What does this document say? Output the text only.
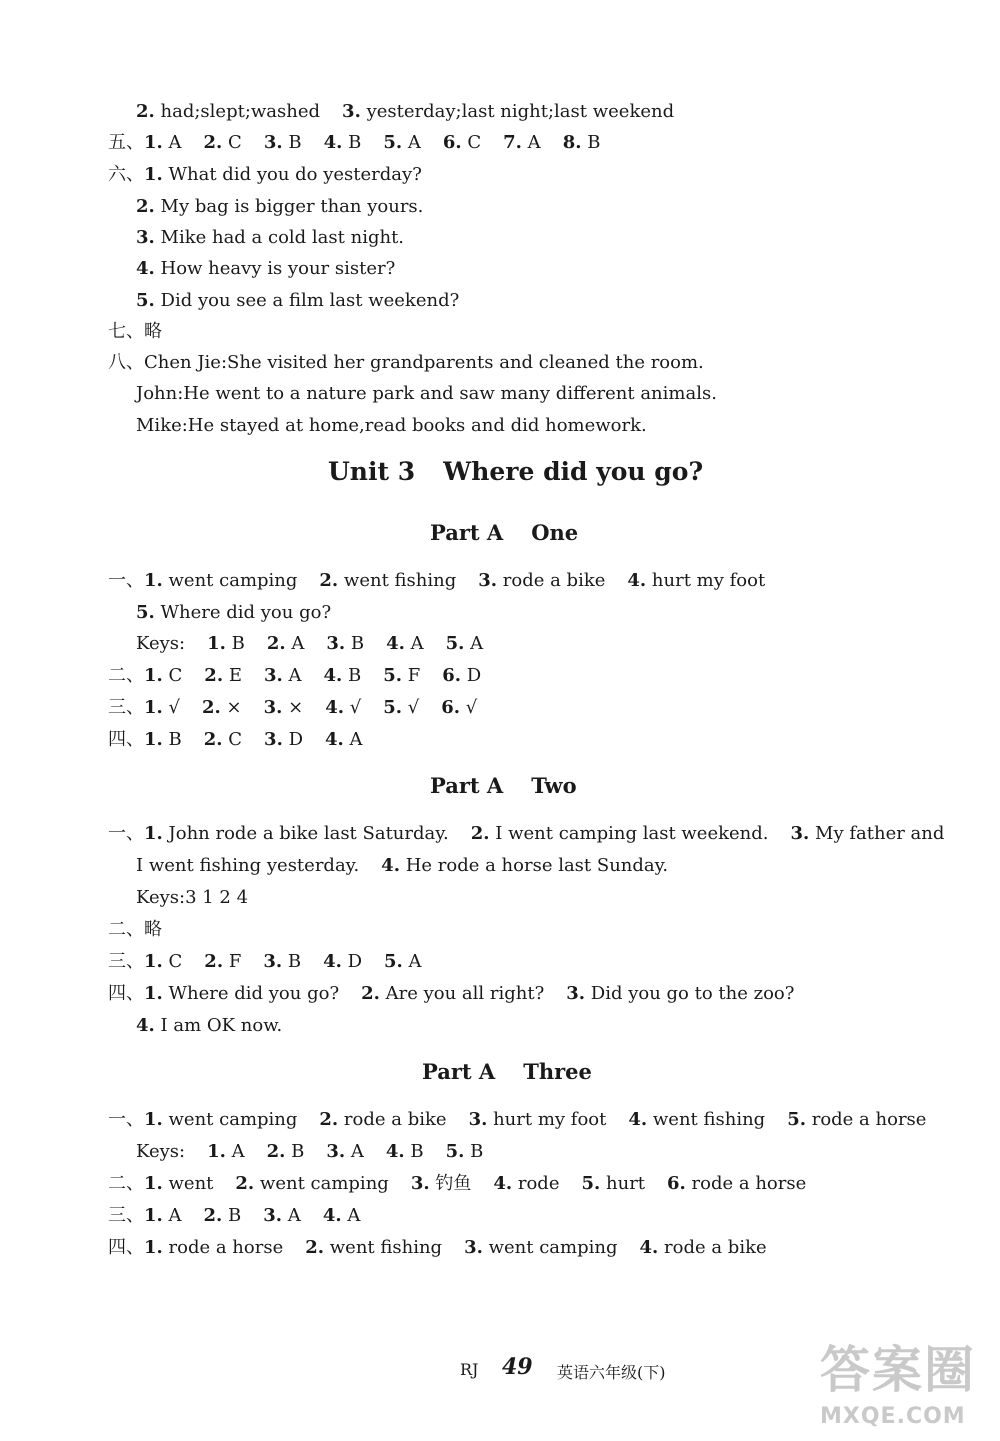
2. had;slept;washed 3. yesterday;last night;last weekend
五、1. A 2. C 3. B 4. B 5. A 6. C 7. A 8. B
六、1. What did you do yesterday?
2. My bag is bigger than yours.
3. Mike had a cold last night.
4. How heavy is your sister?
5. Did you see a film last weekend?
七、略
八、Chen Jie:She visited her grandparents and cleaned the room.
John:He went to a nature park and saw many different animals.
Mike:He stayed at home,read books and did homework.
Unit 3 Where did you go?
Part A One
一、1. went camping 2. went fishing 3. rode a bike 4. hurt my foot
5. Where did you go?
Keys: 1. B 2. A 3. B 4. A 5. A
二、1. C 2. E 3. A 4. B 5. F 6. D
三、1. √ 2. × 3. × 4. √ 5. √ 6. √
四、1. B 2. C 3. D 4. A
Part A Two
一、1. John rode a bike last Saturday. 2. I went camping last weekend. 3. My father and
I went fishing yesterday. 4. He rode a horse last Sunday.
Keys:3 1 2 4
二、略
三、1. C 2. F 3. B 4. D 5. A
四、1. Where did you go? 2. Are you all right? 3. Did you go to the zoo?
4. I am OK now.
Part A Three
一、1. went camping 2. rode a bike 3. hurt my foot 4. went fishing 5. rode a horse
Keys: 1. A 2. B 3. A 4. B 5. B
二、1. went 2. went camping 3. 钓鱼 4. rode 5. hurt 6. rode a horse
三、1. A 2. B 3. A 4. A
四、1. rode a horse 2. went fishing 3. went camping 4. rode a bike
RJ 49 英语六年级(下)	答案圈
MXQE.COM
